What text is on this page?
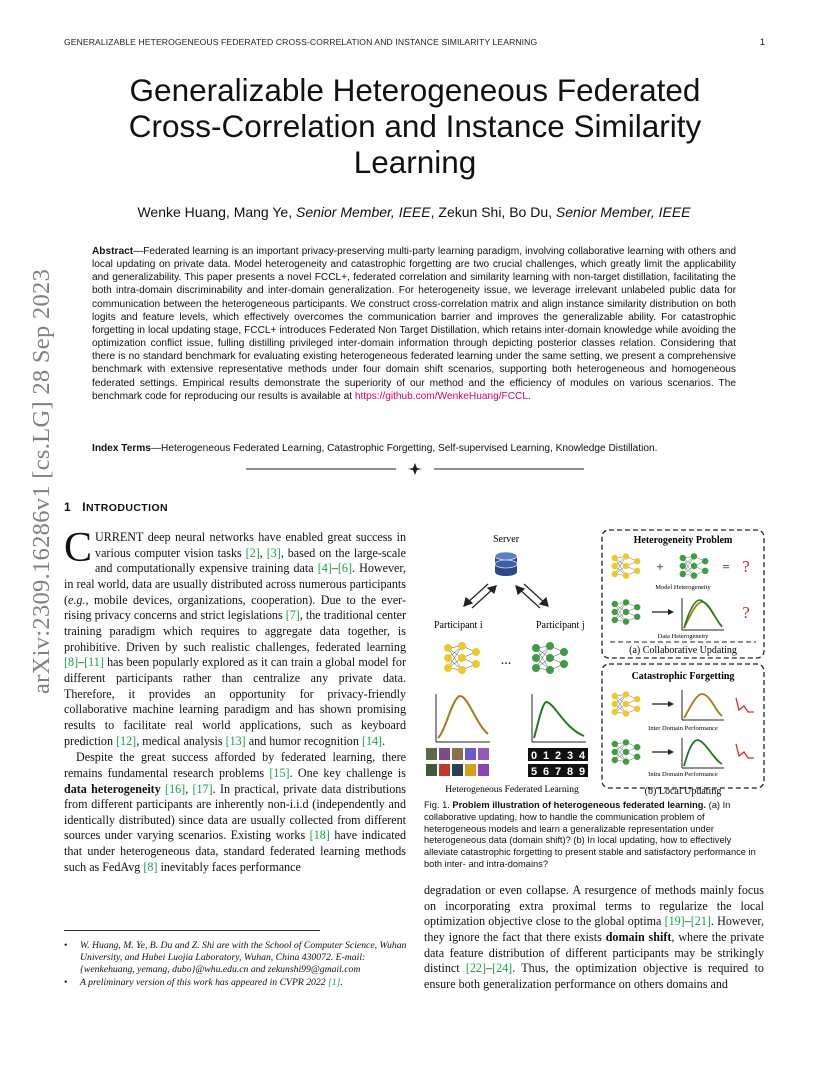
GENERALIZABLE HETEROGENEOUS FEDERATED CROSS-CORRELATION AND INSTANCE SIMILARITY LEARNING	1
arXiv:2309.16286v1 [cs.LG] 28 Sep 2023
Generalizable Heterogeneous Federated
Cross-Correlation and Instance Similarity
Learning
Wenke Huang, Mang Ye, Senior Member, IEEE, Zekun Shi, Bo Du, Senior Member, IEEE
Abstract—Federated learning is an important privacy-preserving multi-party learning paradigm, involving collaborative learning with others and local updating on private data. Model heterogeneity and catastrophic forgetting are two crucial challenges, which greatly limit the applicability and generalizability. This paper presents a novel FCCL+, federated correlation and similarity learning with non-target distillation, facilitating the both intra-domain discriminability and inter-domain generalization. For heterogeneity issue, we leverage irrelevant unlabeled public data for communication between the heterogeneous participants. We construct cross-correlation matrix and align instance similarity distribution on both logits and feature levels, which effectively overcomes the communication barrier and improves the generalizable ability. For catastrophic forgetting in local updating stage, FCCL+ introduces Federated Non Target Distillation, which retains inter-domain knowledge while avoiding the optimization conflict issue, fulling distilling privileged inter-domain information through depicting posterior classes relation. Considering that there is no standard benchmark for evaluating existing heterogeneous federated learning under the same setting, we present a comprehensive benchmark with extensive representative methods under four domain shift scenarios, supporting both heterogeneous and homogeneous federated settings. Empirical results demonstrate the superiority of our method and the efficiency of modules on various scenarios. The benchmark code for reproducing our results is available at https://github.com/WenkeHuang/FCCL.
Index Terms—Heterogeneous Federated Learning, Catastrophic Forgetting, Self-supervised Learning, Knowledge Distillation.
1 INTRODUCTION

CURRENT deep neural networks have enabled great success in various computer vision tasks [2], [3], based on the large-scale and computationally expensive training data [4]–[6]. However, in real world, data are usually distributed across numerous participants (e.g., mobile devices, organizations, cooperation). Due to the ever-rising privacy concerns and strict legislations [7], the traditional center training paradigm which requires to aggregate data together, is prohibitive. Driven by such realistic challenges, federated learning [8]–[11] has been popularly explored as it can train a global model for different participants rather than centralize any private data. Therefore, it provides an opportunity for privacy-friendly collaborative machine learning paradigm and has shown promising results to facilitate real world applications, such as keyboard prediction [12], medical analysis [13] and humor recognition [14].

Despite the great success afforded by federated learning, there remains fundamental research problems [15]. One key challenge is data heterogeneity [16], [17]. In practical, private data distributions from different participants are inherently non-i.i.d (independently and identically distributed) since data are usually collected from different sources under varying scenarios. Existing works [18] have indicated that under heterogeneous data, standard federated learning methods such as FedAvg [8] inevitably faces performance

degradation or even collapse. A resurgence of methods mainly focus on incorporating extra proximal terms to regularize the local optimization objective close to the global optima [19]–[21]. However, they ignore the fact that there exists domain shift, where the private data feature distribution of different participants may be strikingly distinct [22]–[24]. Thus, the optimization objective is required to ensure both generalization performance on others domains and

• W. Huang, M. Ye, B. Du and Z. Shi are with the School of Computer Science, Wuhan University, and Hubei Luojia Laboratory, Wuhan, China 430072. E-mail:{wenkehuang, yemang, dubo}@whu.edu.cn and zekunshi99@gmail.com
• A preliminary version of this work has appeared in CVPR 2022 [1].
Server
Participant i	Participant j
...
0 1 2 3 4
5 6 7 8 9
Heterogeneous Federated Learning
Heterogeneity Problem
+	= ?
Model Heterogeneity
?
Data Heterogeneity
(a) Collaborative Updating
Catastrophic Forgetting
Inter Domain Performance
Intra Domain Performance
(b) Local Updating
Fig. 1. Problem illustration of heterogeneous federated learning. (a) In collaborative updating, how to handle the communication problem of heterogeneous models and learn a generalizable representation under heterogeneous data (domain shift)? (b) In local updating, how to effectively alleviate catastrophic forgetting to present stable and satisfactory performance in both inter- and intra-domains?
